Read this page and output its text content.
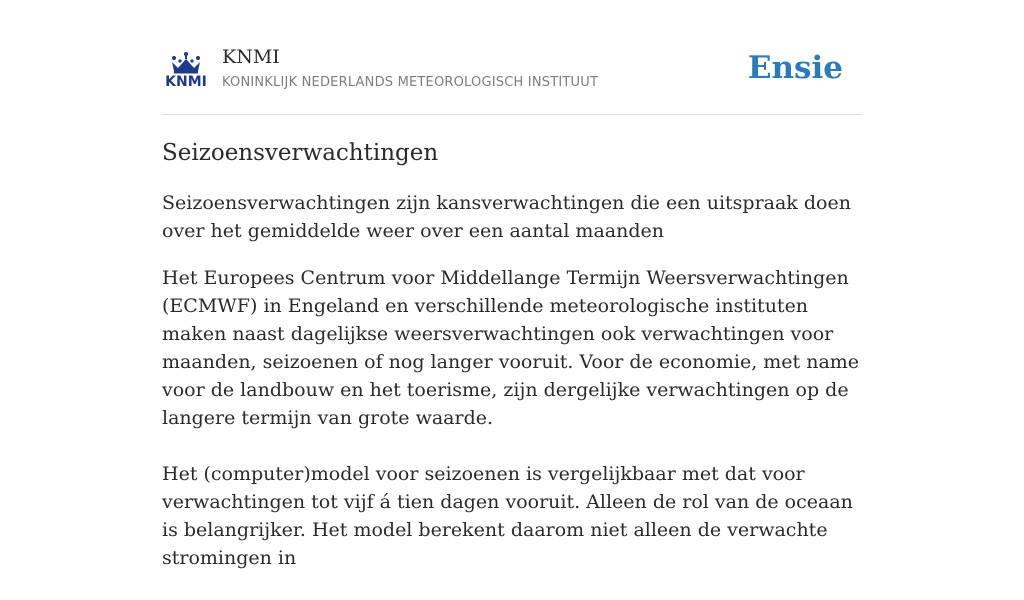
KNMI
KNMI
KONINKLIJK NEDERLANDS METEOROLOGISCH INSTITUUT	Ensie
Seizoensverwachtingen
Seizoensverwachtingen zijn kansverwachtingen die een uitspraak doen over het gemiddelde weer over een aantal maanden

Het Europees Centrum voor Middellange Termijn Weersverwachtingen (ECMWF) in Engeland en verschillende meteorologische instituten maken naast dagelijkse weersverwachtingen ook verwachtingen voor maanden, seizoenen of nog langer vooruit. Voor de economie, met name voor de landbouw en het toerisme, zijn dergelijke verwachtingen op de langere termijn van grote waarde.

Het (computer)model voor seizoenen is vergelijkbaar met dat voor verwachtingen tot vijf á tien dagen vooruit. Alleen de rol van de oceaan is belangrijker. Het model berekent daarom niet alleen de verwachte stromingen in
